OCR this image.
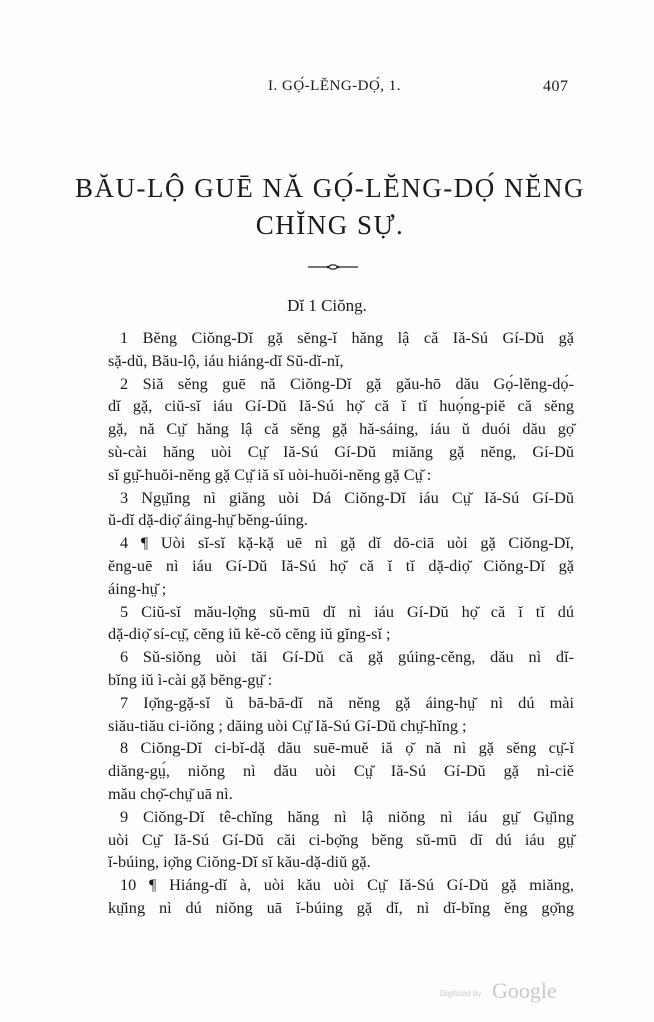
I. GỌ́-LĔNG-DỌ́, 1.	407
BĂU-LỘ GUĒ NĂ GỌ́-LĔNG-DỌ́ NĔNG
CHĬNG SỰ.
Dĭ 1 Ciŏng.
1 Bĕng Ciŏng-Dĭ gặ sĕng-ĭ hăng lậ că Iă-Sú Gí-Dŭ gặ
sặ-dŭ, Bău-lộ, iáu hiáng-dĭ Sŭ-dĭ-nĭ,
2 Siă sĕng guē nă Ciŏng-Dĭ gặ gău-hō dău Gọ́-lĕng-dọ́-
dĭ gặ, ciŭ-sĭ iáu Gí-Dŭ Iă-Sú họ̆ că ĭ tĭ huọ́ng-piĕ că sĕng
gặ, nă Cṳ̆ hăng lậ că sĕng gặ hă-sáing, iáu ŭ duói dău gọ̆
sù-cài hăng uòi Cṳ̆ Iă-Sú Gí-Dŭ miăng gặ nĕng, Gí-Dŭ
sĭ gṳ̆-huŏi-nĕng gặ Cṳ̆ iă sĭ uòi-huŏi-nĕng gặ Cṳ̆ :
3 Ngṳ̆ing nì giăng uòi Dá Ciŏng-Dĭ iáu Cṳ̆ Iă-Sú Gí-Dŭ
ŭ-dĭ dặ-diọ̆ áing-hṳ̆ bĕng-úing.
4 ¶ Uòi sĭ-sĭ kặ-kặ uē nì gặ dĭ dō-ciā uòi gặ Ciŏng-Dĭ,
ĕng-uē nì iáu Gí-Dŭ Iă-Sú họ̆ că ĭ tĭ dặ-diọ̆ Ciŏng-Dĭ gặ
áing-hṳ̆ ;
5 Ciŭ-sĭ mău-lọ̆ng sŭ-mū dĭ nì iáu Gí-Dŭ họ̆ că ĭ tĭ dú
dặ-diọ̆ sí-cṳ̆, cĕng iŭ kĕ-cŏ cĕng iŭ gĭng-sĭ ;
6 Sŭ-siŏng uòi tăi Gí-Dŭ că gặ gúing-cĕng, dău nì dĭ-
bĭng iŭ ì-cài gặ bĕng-gṳ̆ :
7 Iọ̆ng-gặ-sĭ ŭ bā-bā-dĭ nă nĕng gặ áing-hṳ̆ nì dú mài
siău-tiău ci-iŏng ; dăing uòi Cṳ̆ Iă-Sú Gí-Dŭ chṳ̆-hĭng ;
8 Ciŏng-Dĭ ci-bĭ-dặ dău suē-muĕ iă ọ̆ nă nì gặ sĕng cṳ̆-ĭ
diăng-gṳ́, niŏng nì dău uòi Cṳ̆ Iă-Sú Gí-Dŭ gặ nì-ciĕ
mău chọ̆-chṳ̆ uā nì.
9 Ciŏng-Dĭ tê-chĭng hăng nì lậ niŏng nì iáu gṳ̆ Gṳ̆ing
uòi Cṳ̆ Iă-Sú Gí-Dŭ căi ci-bọ̆ng bĕng sŭ-mū dĭ dú iáu gṳ̆
ĭ-búing, iọ̆ng Ciŏng-Dĭ sĭ kău-dặ-diŭ gặ.
10 ¶ Hiáng-dĭ à, uòi kău uòi Cṳ̆ Iă-Sú Gí-Dŭ gặ miăng,
kṳ̆ing nì dú niŏng uā ĭ-búing gặ dĭ, nì dĭ-bĭng ĕng gọ̆ng
Digitized by Google
